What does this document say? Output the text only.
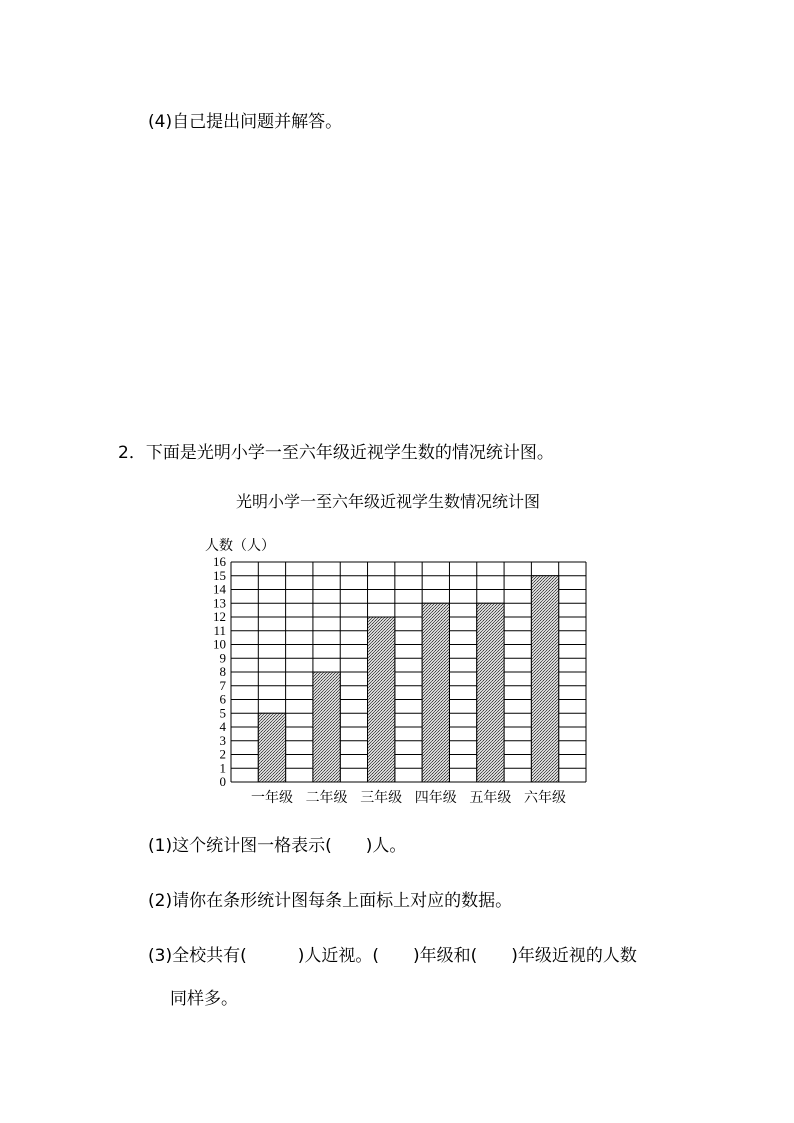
(4)自己提出问题并解答。
2．下面是光明小学一至六年级近视学生数的情况统计图。
光明小学一至六年级近视学生数情况统计图
人数（人）
0
1
2
3
4
5
6
7
8
9
10
11
12
13
14
15
16
一年级 二年级 三年级 四年级 五年级 六年级
(1)这个统计图一格表示(　　)人。
(2)请你在条形统计图每条上面标上对应的数据。
(3)全校共有(　　　)人近视。(　　)年级和(　　)年级近视的人数
同样多。
